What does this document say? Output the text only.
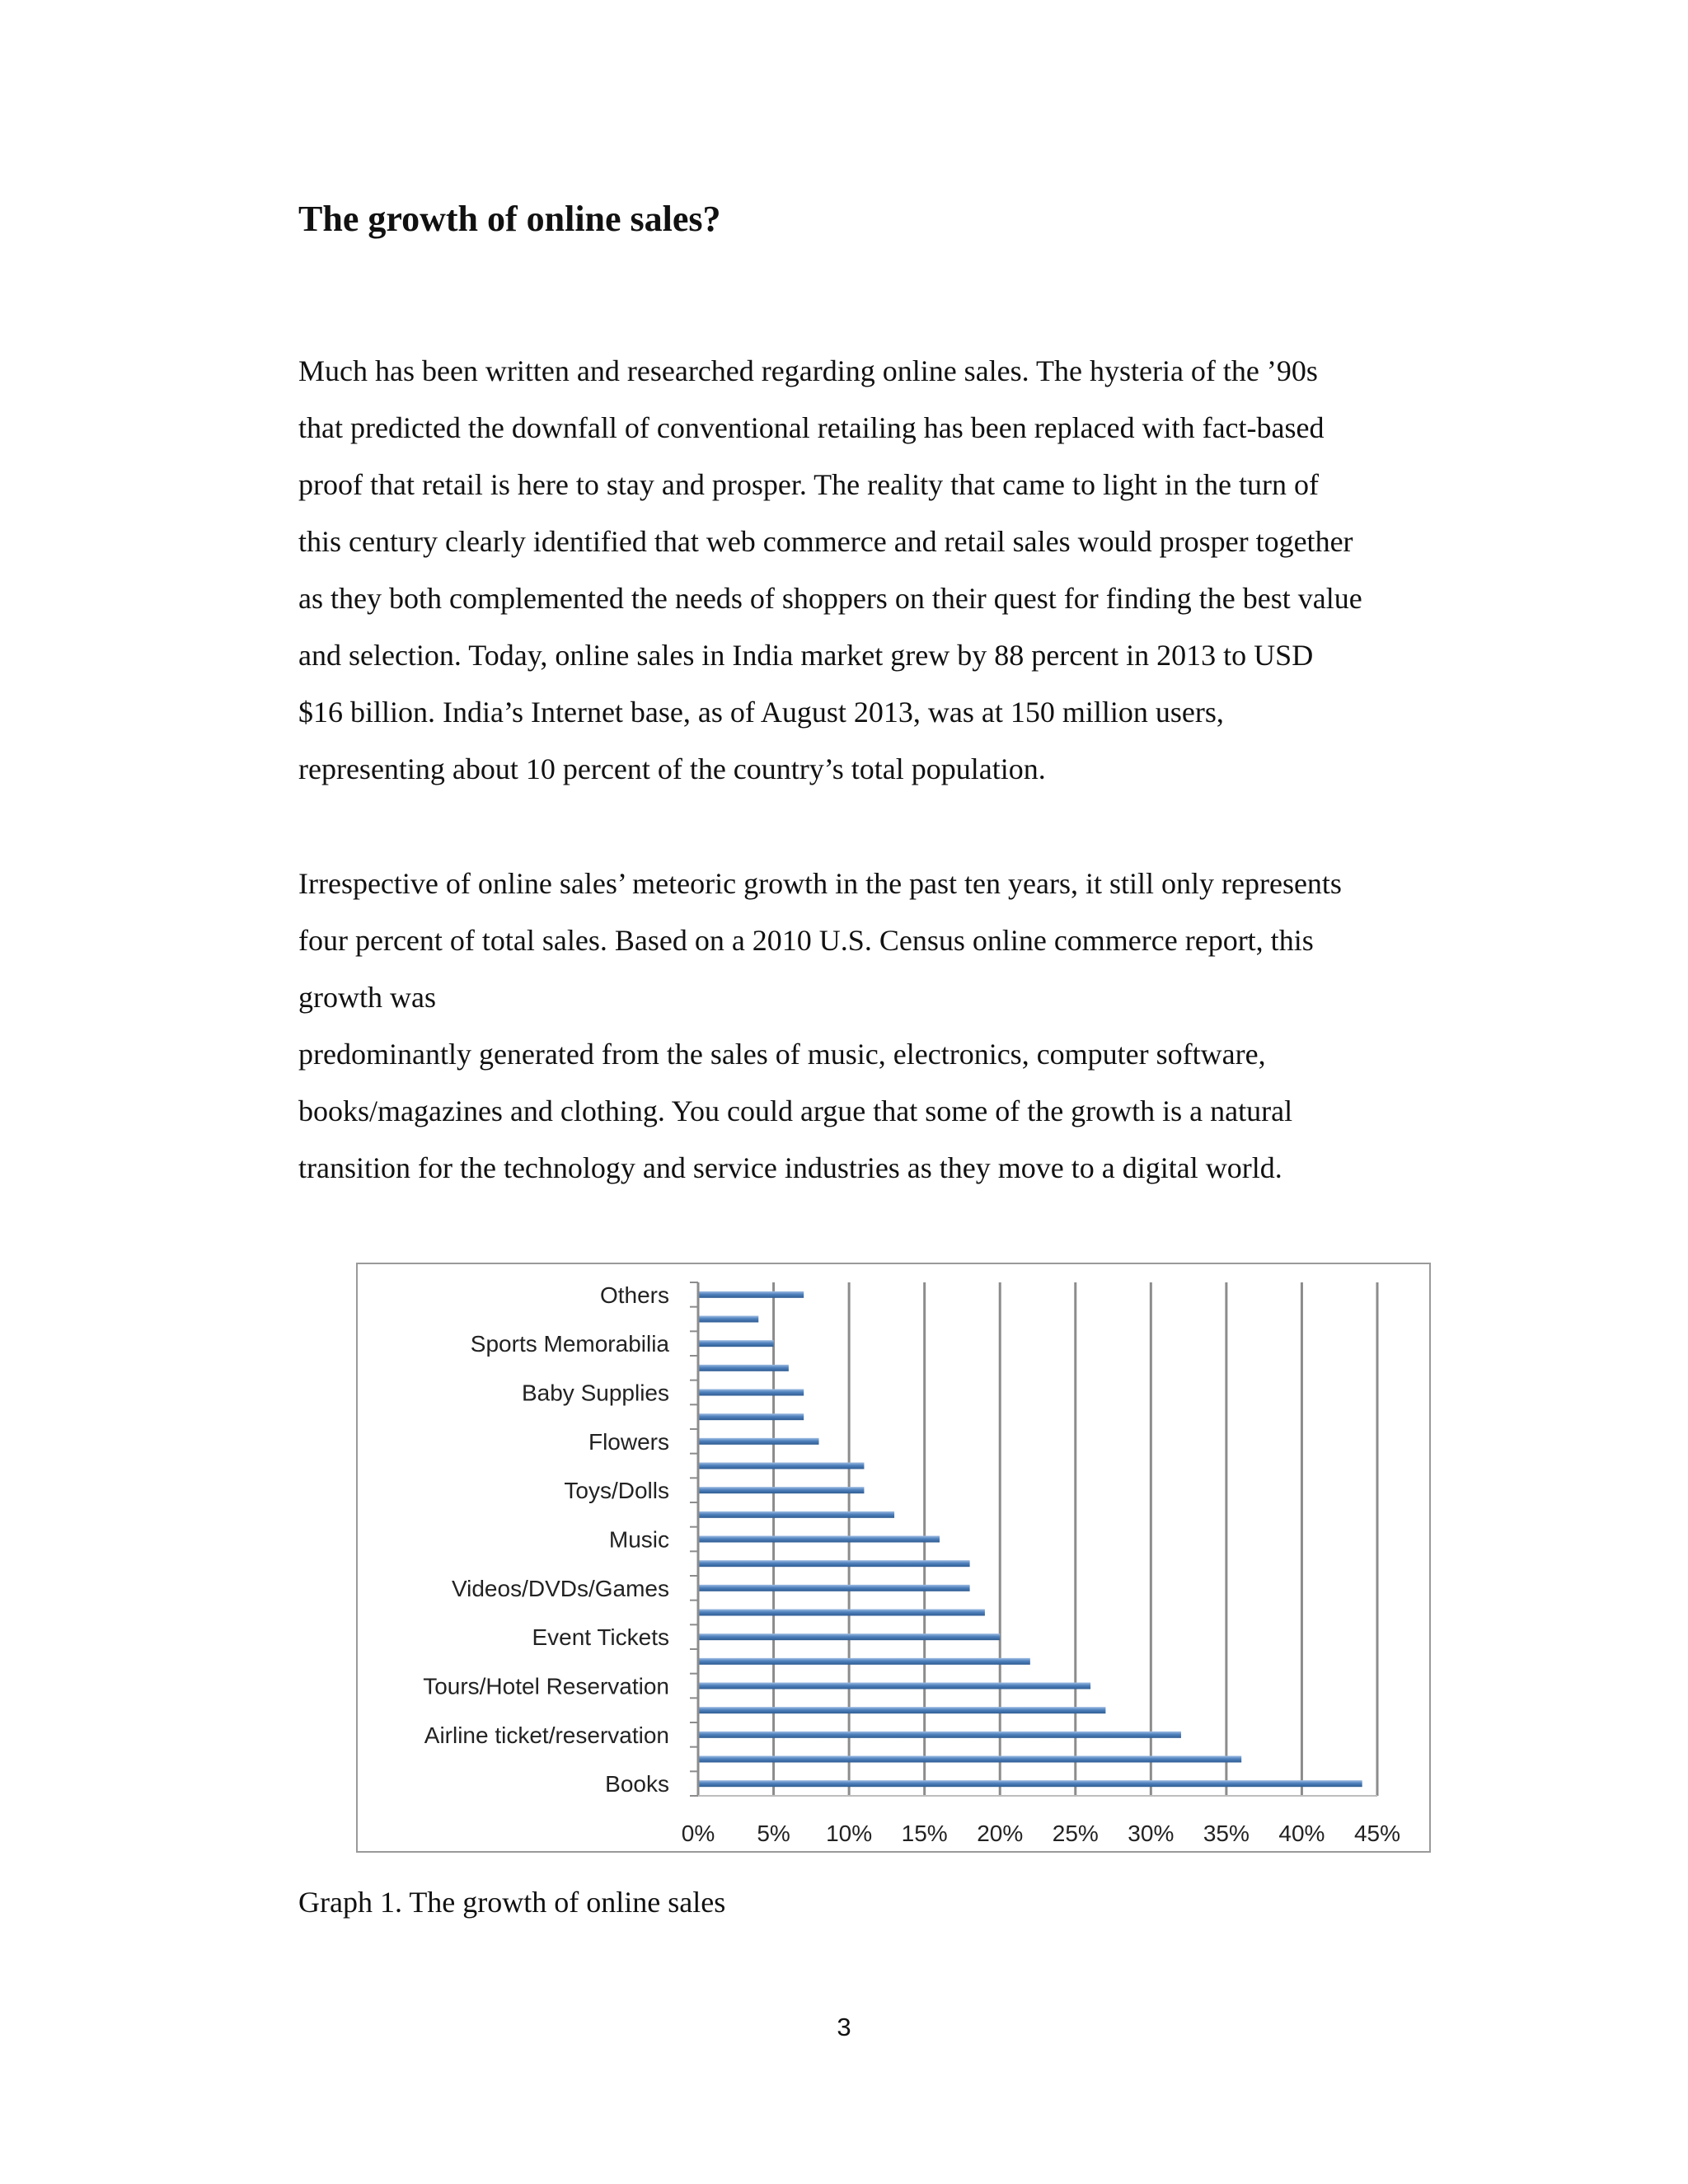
The growth of online sales?

Much has been written and researched regarding online sales. The hysteria of the ’90s

that predicted the downfall of conventional retailing has been replaced with fact-based

proof that retail is here to stay and prosper. The reality that came to light in the turn of

this century clearly identified that web commerce and retail sales would prosper together

as they both complemented the needs of shoppers on their quest for finding the best value

and selection. Today, online sales in India market grew by 88 percent in 2013 to USD

$16 billion. India’s Internet base, as of August 2013, was at 150 million users,

representing about 10 percent of the country’s total population.

Irrespective of online sales’ meteoric growth in the past ten years, it still only represents

four percent of total sales. Based on a 2010 U.S. Census online commerce report, this

growth was

predominantly generated from the sales of music, electronics, computer software,

books/magazines and clothing. You could argue that some of the growth is a natural

transition for the technology and service industries as they move to a digital world.

0% 5% 10% 15% 20% 25% 30% 35% 40% 45%
Books
Airline ticket/reservation
Tours/Hotel Reservation
Event Tickets
Videos/DVDs/Games
Music
Toys/Dolls
Flowers
Baby Supplies
Sports Memorabilia
Others

Graph 1. The growth of online sales

3
